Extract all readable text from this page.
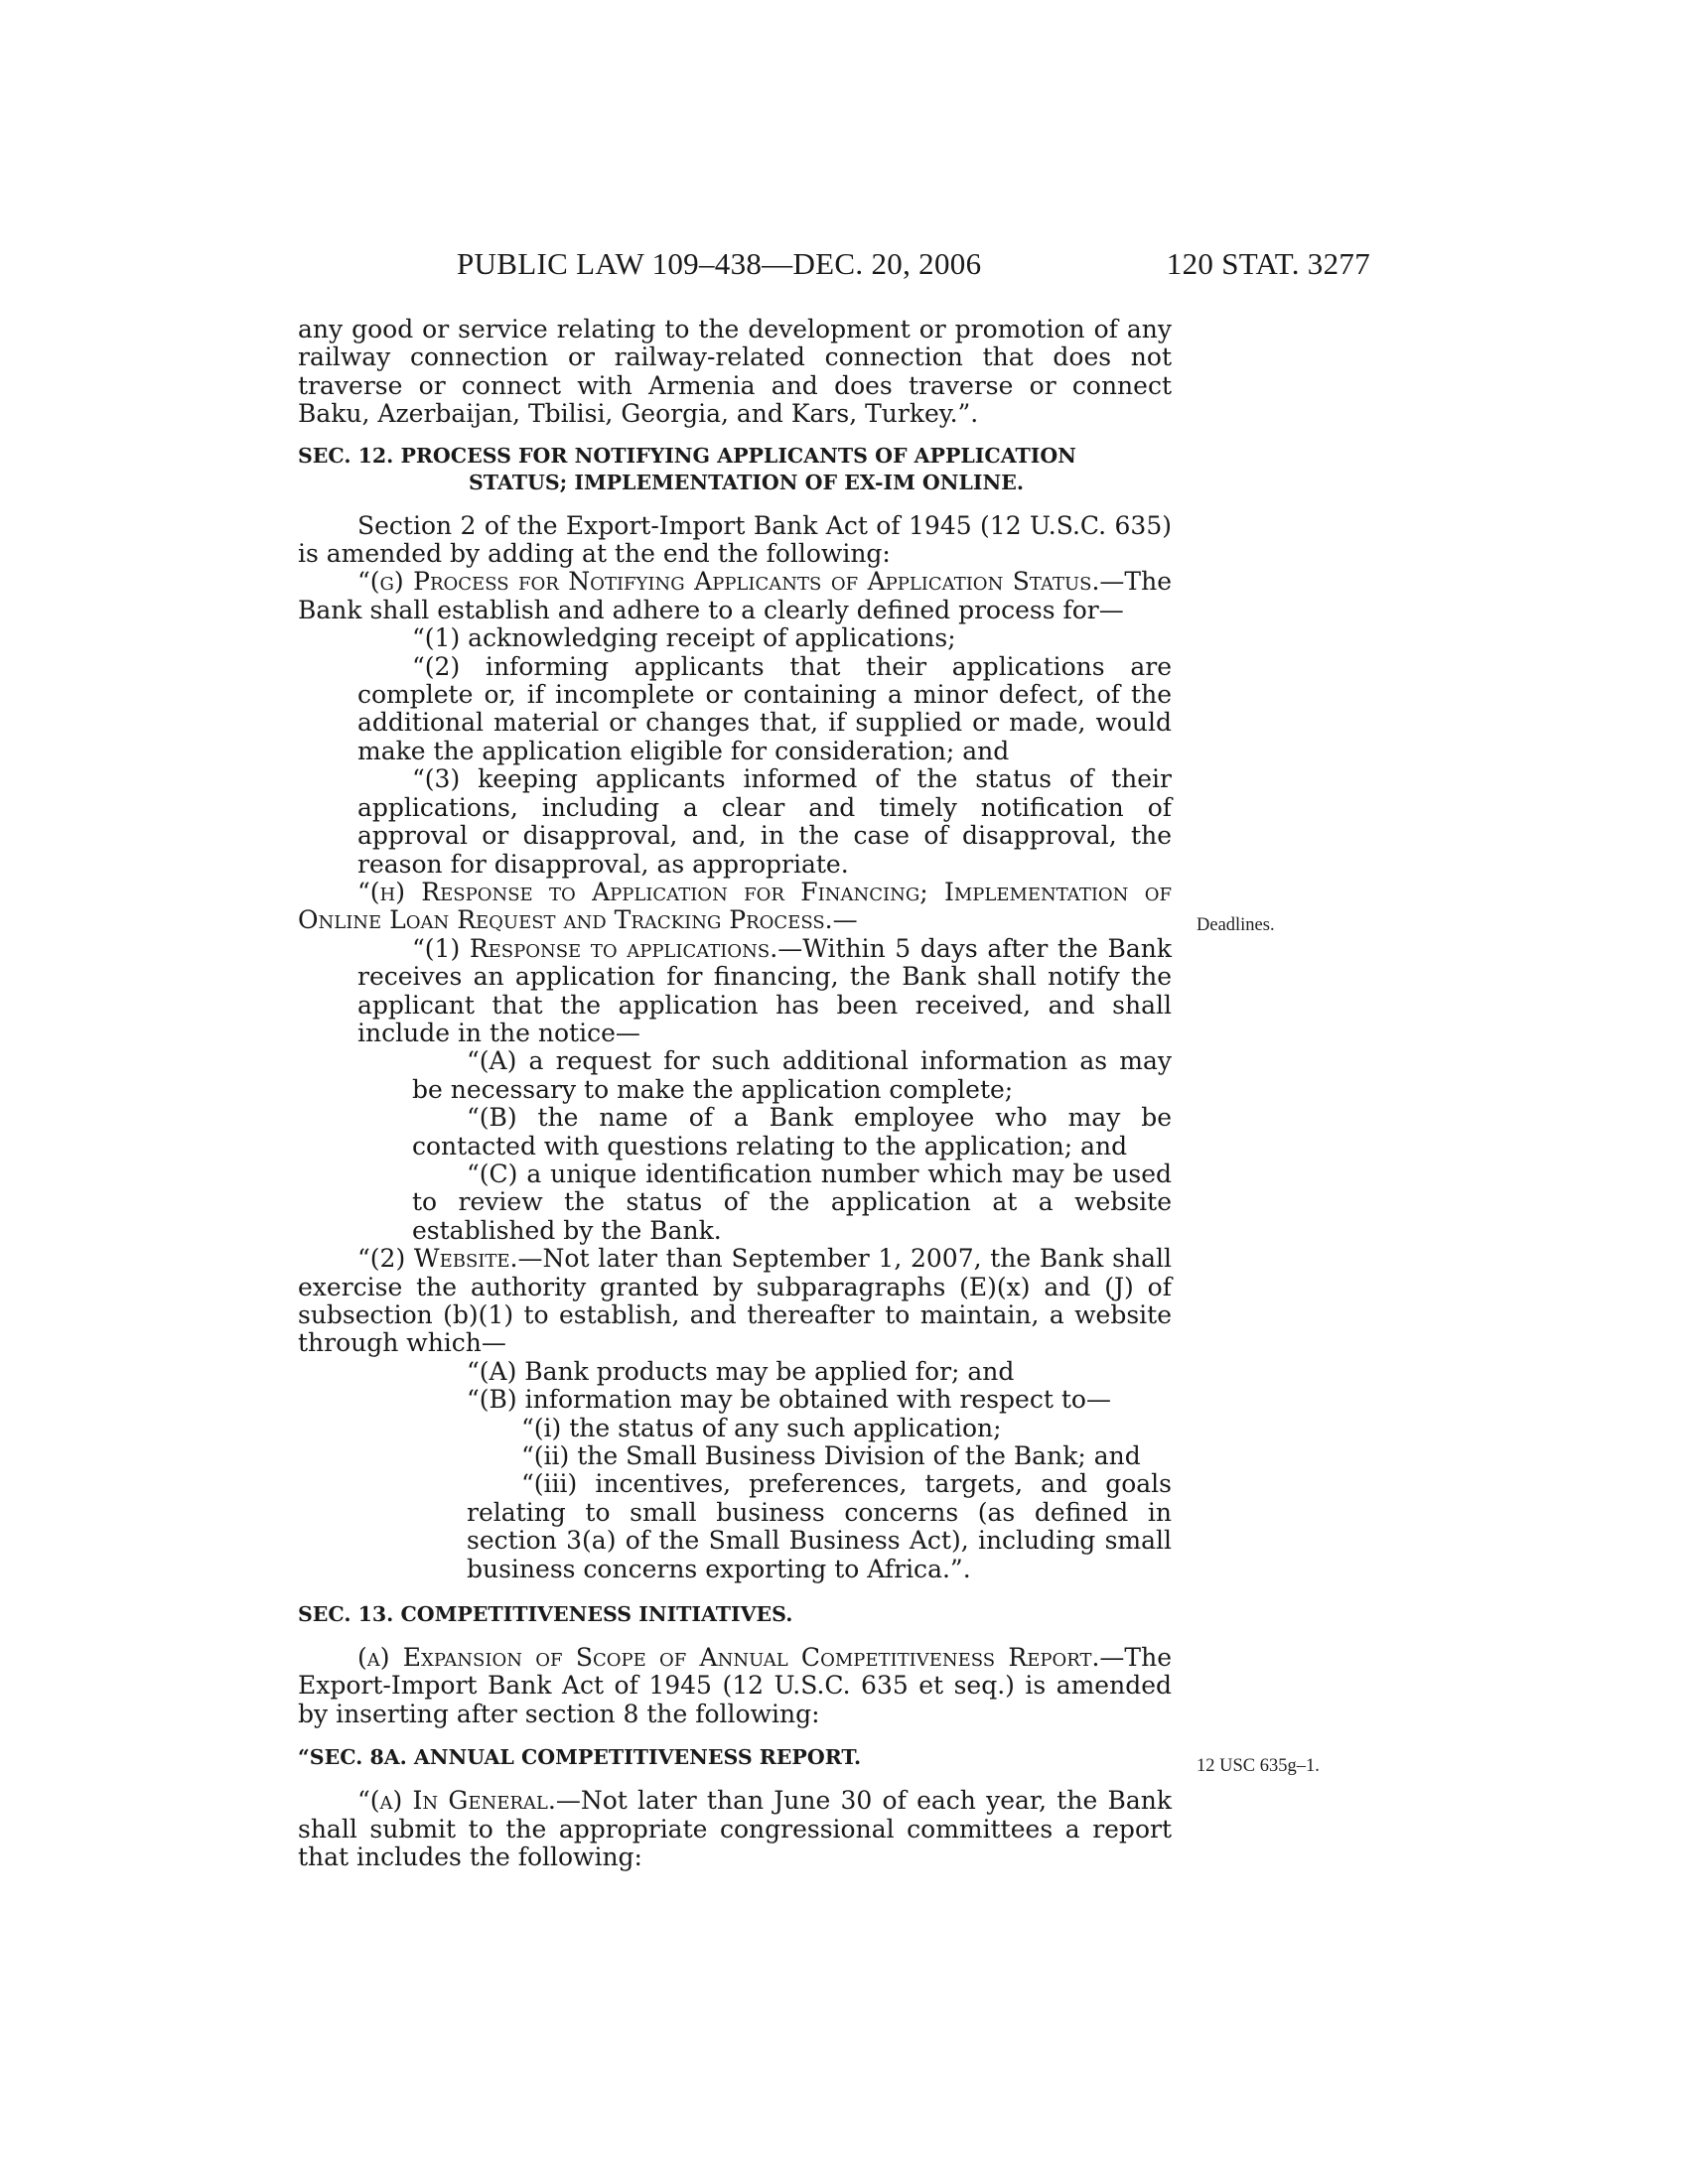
PUBLIC LAW 109–438—DEC. 20, 2006	120 STAT. 3277
Deadlines.
12 USC 635g–1.

any good or service relating to the development or promotion of any railway connection or railway-related connection that does not traverse or connect with Armenia and does traverse or connect Baku, Azerbaijan, Tbilisi, Georgia, and Kars, Turkey.”.

SEC. 12. PROCESS FOR NOTIFYING APPLICANTS OF APPLICATION
STATUS; IMPLEMENTATION OF EX-IM ONLINE.

Section 2 of the Export-Import Bank Act of 1945 (12 U.S.C. 635) is amended by adding at the end the following:

“(g) Process for Notifying Applicants of Application Status.—The Bank shall establish and adhere to a clearly defined process for—

“(1) acknowledging receipt of applications;

“(2) informing applicants that their applications are complete or, if incomplete or containing a minor defect, of the additional material or changes that, if supplied or made, would make the application eligible for consideration; and

“(3) keeping applicants informed of the status of their applications, including a clear and timely notification of approval or disapproval, and, in the case of disapproval, the reason for disapproval, as appropriate.

“(h) Response to Application for Financing; Implementation of Online Loan Request and Tracking Process.—

“(1) Response to applications.—Within 5 days after the Bank receives an application for financing, the Bank shall notify the applicant that the application has been received, and shall include in the notice—

“(A) a request for such additional information as may be necessary to make the application complete;

“(B) the name of a Bank employee who may be contacted with questions relating to the application; and

“(C) a unique identification number which may be used to review the status of the application at a website established by the Bank.

“(2) Website.—Not later than September 1, 2007, the Bank shall exercise the authority granted by subparagraphs (E)(x) and (J) of subsection (b)(1) to establish, and thereafter to maintain, a website through which—

“(A) Bank products may be applied for; and

“(B) information may be obtained with respect to—

“(i) the status of any such application;

“(ii) the Small Business Division of the Bank; and

“(iii) incentives, preferences, targets, and goals relating to small business concerns (as defined in section 3(a) of the Small Business Act), including small business concerns exporting to Africa.”.

SEC. 13. COMPETITIVENESS INITIATIVES.

(a) Expansion of Scope of Annual Competitiveness Report.—The Export-Import Bank Act of 1945 (12 U.S.C. 635 et seq.) is amended by inserting after section 8 the following:

“SEC. 8A. ANNUAL COMPETITIVENESS REPORT.

“(a) In General.—Not later than June 30 of each year, the Bank shall submit to the appropriate congressional committees a report that includes the following:
